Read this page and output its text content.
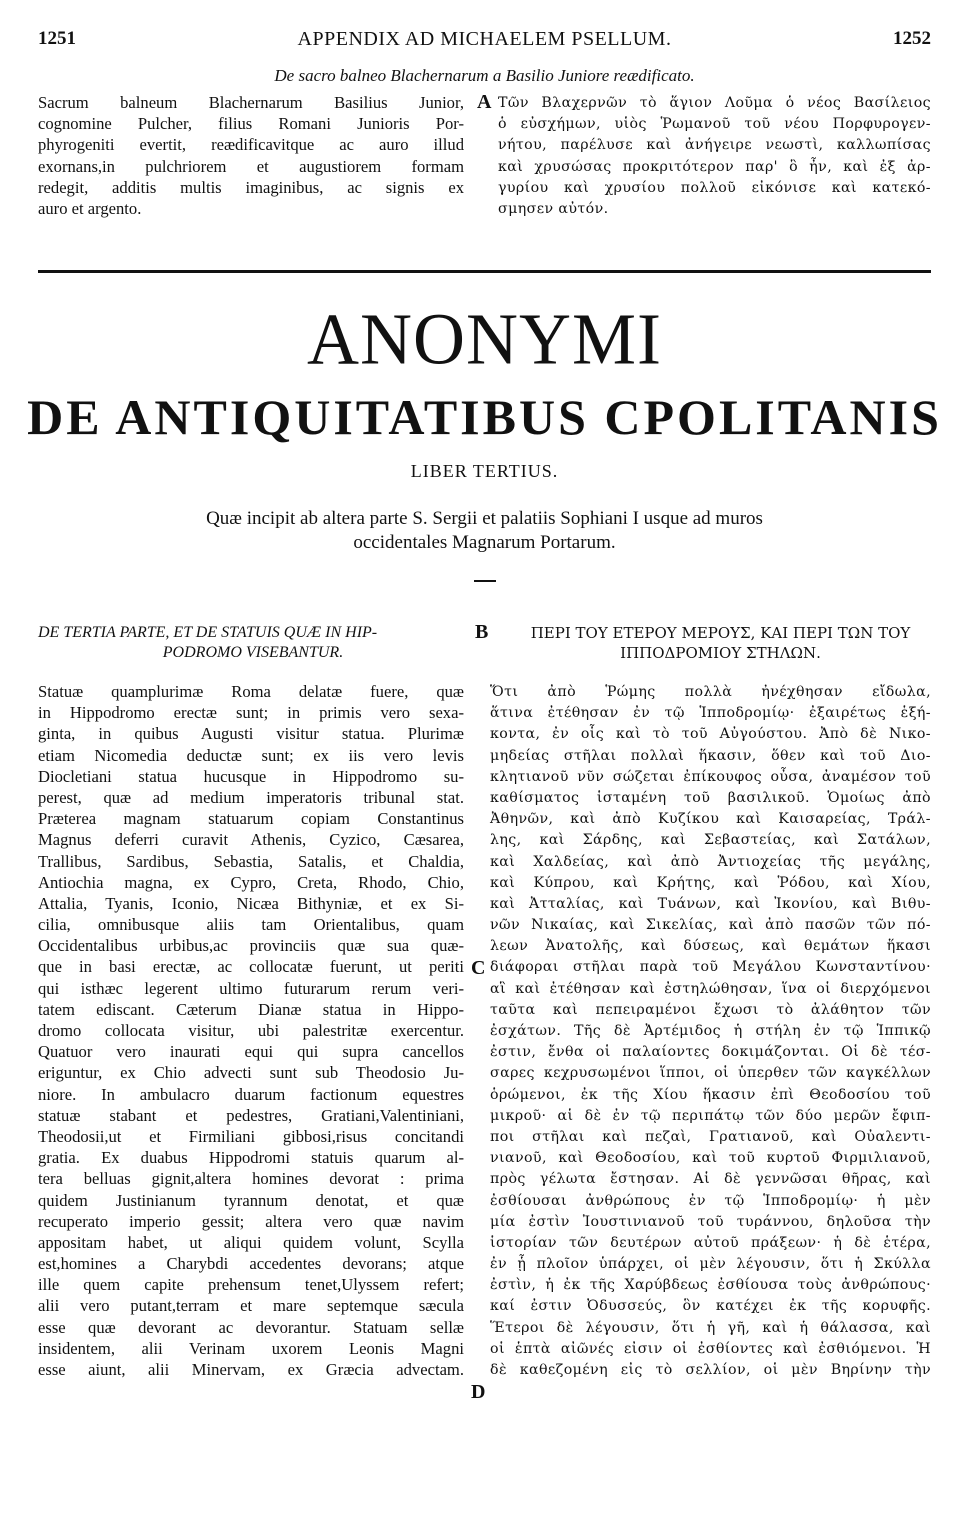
1251	APPENDIX AD MICHAELEM PSELLUM.	1252
De sacro balneo Blachernarum a Basilio Juniore reædificato.
Sacrum balneum Blachernarum Basilius Junior,
cognomine Pulcher, filius Romani Junioris Por-
phyrogeniti evertit, reædificavitque ac auro illud
exornans,in pulchriorem et augustiorem formam
redegit, additis multis imaginibus, ac signis ex
auro et argento.
A Τῶν Βλαχερνῶν τὸ ἅγιον Λοῦμα ὁ νέος Βασίλειος
ὁ εὐσχήμων, υἱὸς Ῥωμανοῦ τοῦ νέου Πορφυρογεν-
νήτου, παρέλυσε καὶ ἀνήγειρε νεωστὶ, καλλωπίσας
καὶ χρυσώσας προκριτότερον παρ' ὃ ἦν, καὶ ἐξ ἀρ-
γυρίου καὶ χρυσίου πολλοῦ εἰκόνισε καὶ κατεκό-
σμησεν αὐτόν.
ANONYMI
DE ANTIQUITATIBUS CPOLITANIS
LIBER TERTIUS.
Quæ incipit ab altera parte S. Sergii et palatiis Sophiani I usque ad muros
occidentales Magnarum Portarum.
DE TERTIA PARTE, ET DE STATUIS QUÆ IN HIP-
PODROMO VISEBANTUR.
B	ΠΕΡΙ ΤΟΥ ΕΤΕΡΟΥ ΜΕΡΟΥΣ, ΚΑΙ ΠΕΡΙ ΤΩΝ ΤΟΥ
ΙΠΠΟΔΡΟΜΙΟΥ ΣΤΗΛΩΝ.
Statuæ quamplurimæ Roma delatæ fuere, quæ
in Hippodromo erectæ sunt; in primis vero sexa-
ginta, in quibus Augusti visitur statua. Plurimæ
etiam Nicomedia deductæ sunt; ex iis vero levis
Diocletiani statua hucusque in Hippodromo su-
perest, quæ ad medium imperatoris tribunal stat.
Præterea magnam statuarum copiam Constantinus
Magnus deferri curavit Athenis, Cyzico, Cæsarea,
Trallibus, Sardibus, Sebastia, Satalis, et Chaldia,
Antiochia magna, ex Cypro, Creta, Rhodo, Chio,
Attalia, Tyanis, Iconio, Nicæa Bithyniæ, et ex Si-
cilia, omnibusque aliis tam Orientalibus, quam
Occidentalibus urbibus,ac provinciis quæ sua quæ-
que in basi erectæ, ac collocatæ fuerunt, ut periti
qui isthæc legerent ultimo futurarum rerum veri-
tatem ediscant. Cæterum Dianæ statua in Hippo-
dromo collocata visitur, ubi palestritæ exercentur.
Quatuor vero inaurati equi qui supra cancellos
eriguntur, ex Chio advecti sunt sub Theodosio Ju-
niore. In ambulacro duarum factionum equestres
statuæ stabant et pedestres, Gratiani,Valentiniani,
Theodosii,ut et Firmiliani gibbosi,risus concitandi
gratia. Ex duabus Hippodromi statuis quarum al-
tera belluas gignit,altera homines devorat : prima
quidem Justinianum tyrannum denotat, et quæ
recuperato imperio gessit; altera vero quæ navim
appositam habet, ut aliqui quidem volunt, Scylla
est,homines a Charybdi accedentes devorans; atque
ille quem capite prehensum tenet,Ulyssem refert;
alii vero putant,terram et mare septemque sæcula
esse quæ devorant ac devorantur. Statuam sellæ
insidentem, alii Verinam uxorem Leonis Magni
esse aiunt, alii Minervam, ex Græcia advectam.
C
D
Ὅτι ἀπὸ Ῥώμης πολλὰ ἠνέχθησαν εἴδωλα,
ἅτινα ἐτέθησαν ἐν τῷ Ἱπποδρομίῳ· ἐξαιρέτως ἑξή-
κοντα, ἐν οἷς καὶ τὸ τοῦ Αὐγούστου. Ἀπὸ δὲ Νικο-
μηδείας στῆλαι πολλαὶ ἥκασιν, ὅθεν καὶ τοῦ Διο-
κλητιανοῦ νῦν σώζεται ἐπίκουφος οὖσα, ἀναμέσον τοῦ
καθίσματος ἱσταμένη τοῦ βασιλικοῦ. Ὁμοίως ἀπὸ
Ἀθηνῶν, καὶ ἀπὸ Κυζίκου καὶ Καισαρείας, Τράλ-
λης, καὶ Σάρδης, καὶ Σεβαστείας, καὶ Σατάλων,
καὶ Χαλδείας, καὶ ἀπὸ Ἀντιοχείας τῆς μεγάλης,
καὶ Κύπρου, καὶ Κρήτης, καὶ Ῥόδου, καὶ Χίου,
καὶ Ἀτταλίας, καὶ Τυάνων, καὶ Ἰκονίου, καὶ Βιθυ-
νῶν Νικαίας, καὶ Σικελίας, καὶ ἀπὸ πασῶν τῶν πό-
λεων Ἀνατολῆς, καὶ δύσεως, καὶ θεμάτων ἥκασι
διάφοραι στῆλαι παρὰ τοῦ Μεγάλου Κωνσταντίνου·
αἳ καὶ ἐτέθησαν καὶ ἐστηλώθησαν, ἵνα οἱ διερχόμενοι
ταῦτα καὶ πεπειραμένοι ἔχωσι τὸ ἀλάθητον τῶν
ἐσχάτων. Τῆς δὲ Ἀρτέμιδος ἡ στήλη ἐν τῷ Ἱππικῷ
ἐστιν, ἔνθα οἱ παλαίοντες δοκιμάζονται. Οἱ δὲ τέσ-
σαρες κεχρυσωμένοι ἵπποι, οἱ ὑπερθεν τῶν καγκέλλων
ὁρώμενοι, ἐκ τῆς Χίου ἥκασιν ἐπὶ Θεοδοσίου τοῦ
μικροῦ· αἱ δὲ ἐν τῷ περιπάτῳ τῶν δύο μερῶν ἔφιπ-
ποι στῆλαι καὶ πεζαὶ, Γρατιανοῦ, καὶ Οὐαλεντι-
νιανοῦ, καὶ Θεοδοσίου, καὶ τοῦ κυρτοῦ Φιρμιλιανοῦ,
πρὸς γέλωτα ἔστησαν. Αἱ δὲ γεννῶσαι θῆρας, καὶ
ἐσθίουσαι ἀνθρώπους ἐν τῷ Ἱπποδρομίῳ· ἡ μὲν
μία ἐστὶν Ἰουστινιανοῦ τοῦ τυράννου, δηλοῦσα τὴν
ἱστορίαν τῶν δευτέρων αὐτοῦ πράξεων· ἡ δὲ ἑτέρα,
ἐν ᾗ πλοῖον ὑπάρχει, οἱ μὲν λέγουσιν, ὅτι ἡ Σκύλλα
ἐστὶν, ἡ ἐκ τῆς Χαρύβδεως ἐσθίουσα τοὺς ἀνθρώπους·
καί ἐστιν Ὀδυσσεύς, ὃν κατέχει ἐκ τῆς κορυφῆς.
Ἕτεροι δὲ λέγουσιν, ὅτι ἡ γῆ, καὶ ἡ θάλασσα, καὶ
οἱ ἑπτὰ αἰῶνές εἰσιν οἱ ἐσθίοντες καὶ ἐσθιόμενοι. Ἡ
δὲ καθεζομένη εἰς τὸ σελλίον, οἱ μὲν Βηρίνην τὴν
